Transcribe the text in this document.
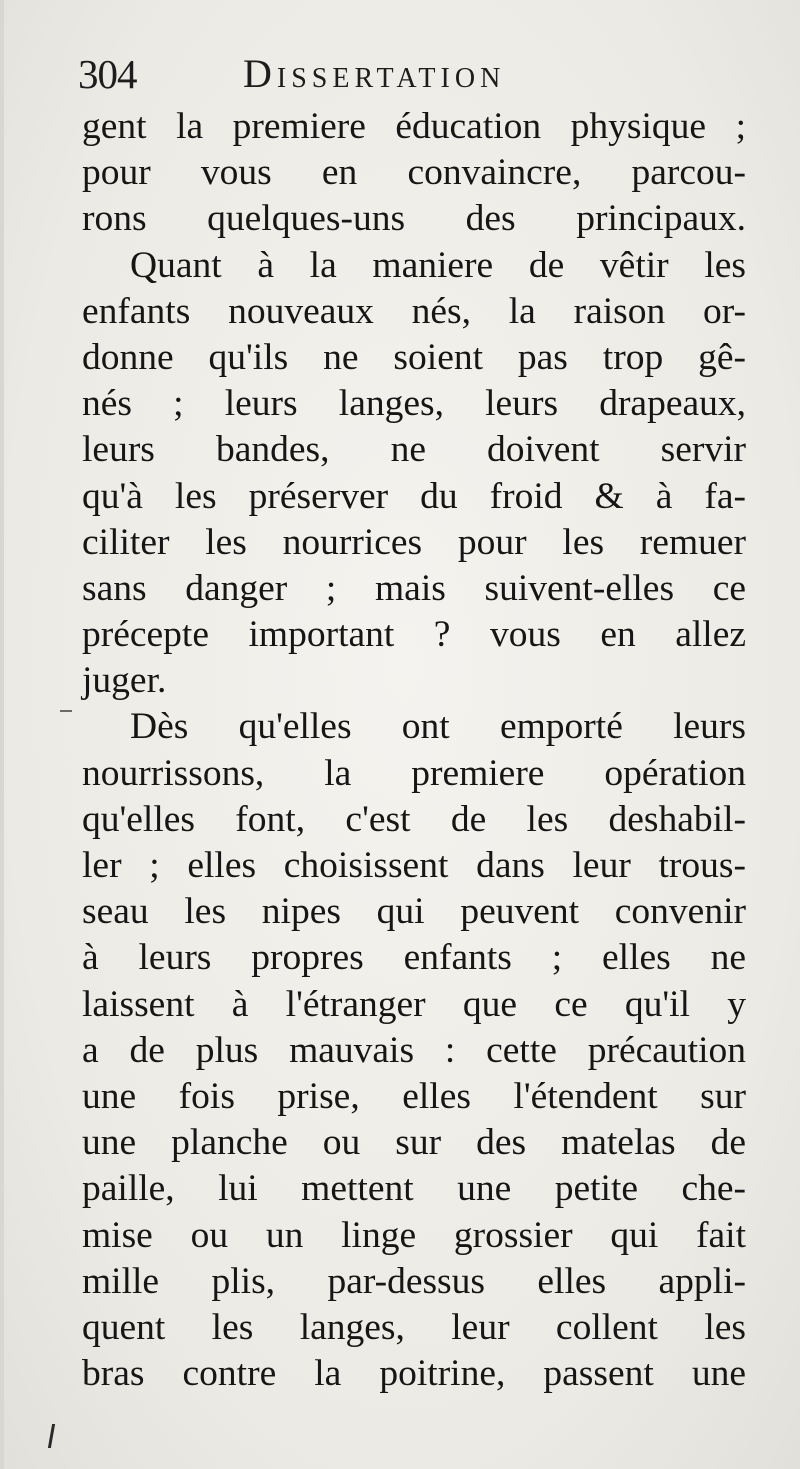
304	Dissertation
gent la premiere éducation physique ;
pour vous en convaincre, parcou-
rons quelques-uns des principaux.
Quant à la maniere de vêtir les
enfants nouveaux nés, la raison or-
donne qu'ils ne soient pas trop gê-
nés ; leurs langes, leurs drapeaux,
leurs bandes, ne doivent servir
qu'à les préserver du froid & à fa-
ciliter les nourrices pour les remuer
sans danger ; mais suivent-elles ce
précepte important ? vous en allez
juger.
Dès qu'elles ont emporté leurs
nourrissons, la premiere opération
qu'elles font, c'est de les deshabil-
ler ; elles choisissent dans leur trous-
seau les nipes qui peuvent convenir
à leurs propres enfants ; elles ne
laissent à l'étranger que ce qu'il y
a de plus mauvais : cette précaution
une fois prise, elles l'étendent sur
une planche ou sur des matelas de
paille, lui mettent une petite che-
mise ou un linge grossier qui fait
mille plis, par-dessus elles appli-
quent les langes, leur collent les
bras contre la poitrine, passent une
